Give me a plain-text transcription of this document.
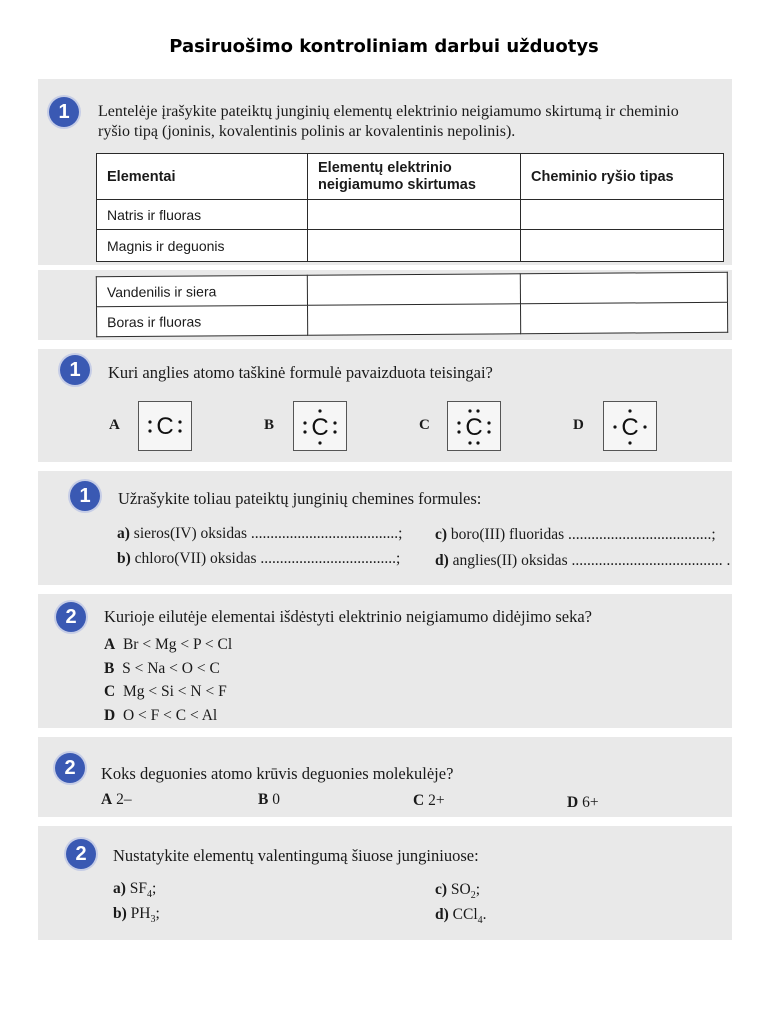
Pasiruošimo kontroliniam darbui užduotys
1	Lentelėje įrašykite pateiktų junginių elementų elektrinio neigiamumo skirtumą ir cheminio
ryšio tipą (joninis, kovalentinis polinis ar kovalentinis nepolinis).
Elementai	Elementų elektrinio neigiamumo skirtumas	Cheminio ryšio tipas
Natris ir fluoras		
Magnis ir deguonis		
Vandenilis ir siera		
Boras ir fluoras		
1	Kuri anglies atomo taškinė formulė pavaizduota teisingai?
A C	B C	C C	D C
1	Užrašykite toliau pateiktų junginių chemines formules:
a) sieros(IV) oksidas ......................................;
b) chloro(VII) oksidas ...................................;
c) boro(III) fluoridas .....................................;
d) anglies(II) oksidas ....................................... .
2	Kurioje eilutėje elementai išdėstyti elektrinio neigiamumo didėjimo seka?
A Br < Mg < P < Cl
B S < Na < O < C
C Mg < Si < N < F
D O < F < C < Al
2	Koks deguonies atomo krūvis deguonies molekulėje?
A 2–	B 0	C 2+	D 6+
2	Nustatykite elementų valentingumą šiuose junginiuose:
a) $SF_4$;
b) $PH_3$;
c) $SO_2$;
d) CCl$_4$.
